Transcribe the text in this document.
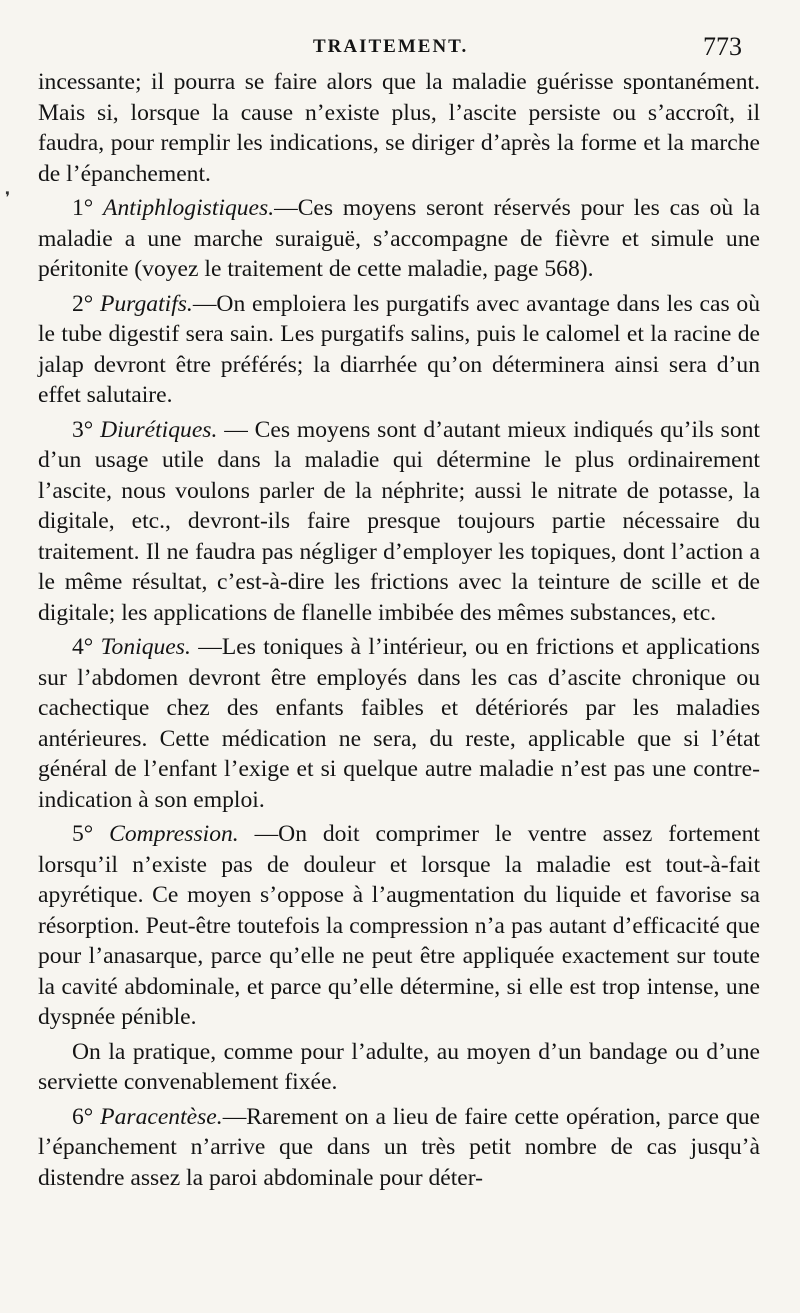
TRAITEMENT.	773
❜

incessante; il pourra se faire alors que la maladie guérisse spontanément. Mais si, lorsque la cause n’existe plus, l’ascite persiste ou s’accroît, il faudra, pour remplir les indications, se diriger d’après la forme et la marche de l’épanchement.

1° Antiphlogistiques.—Ces moyens seront réservés pour les cas où la maladie a une marche suraiguë, s’accompagne de fièvre et simule une péritonite (voyez le traitement de cette maladie, page 568).

2° Purgatifs.—On emploiera les purgatifs avec avantage dans les cas où le tube digestif sera sain. Les purgatifs salins, puis le calomel et la racine de jalap devront être préférés; la diarrhée qu’on déterminera ainsi sera d’un effet salutaire.

3° Diurétiques. — Ces moyens sont d’autant mieux indiqués qu’ils sont d’un usage utile dans la maladie qui détermine le plus ordinairement l’ascite, nous voulons parler de la néphrite; aussi le nitrate de potasse, la digitale, etc., devront-ils faire presque toujours partie nécessaire du traitement. Il ne faudra pas négliger d’employer les topiques, dont l’action a le même résultat, c’est-à-dire les frictions avec la teinture de scille et de digitale; les applications de flanelle imbibée des mêmes substances, etc.

4° Toniques. —Les toniques à l’intérieur, ou en frictions et applications sur l’abdomen devront être employés dans les cas d’ascite chronique ou cachectique chez des enfants faibles et détériorés par les maladies antérieures. Cette médication ne sera, du reste, applicable que si l’état général de l’enfant l’exige et si quelque autre maladie n’est pas une contre-indication à son emploi.

5° Compression. —On doit comprimer le ventre assez fortement lorsqu’il n’existe pas de douleur et lorsque la maladie est tout-à-fait apyrétique. Ce moyen s’oppose à l’augmentation du liquide et favorise sa résorption. Peut-être toutefois la compression n’a pas autant d’efficacité que pour l’anasarque, parce qu’elle ne peut être appliquée exactement sur toute la cavité abdominale, et parce qu’elle détermine, si elle est trop intense, une dyspnée pénible.

On la pratique, comme pour l’adulte, au moyen d’un bandage ou d’une serviette convenablement fixée.

6° Paracentèse.—Rarement on a lieu de faire cette opération, parce que l’épanchement n’arrive que dans un très petit nombre de cas jusqu’à distendre assez la paroi abdominale pour déter-
